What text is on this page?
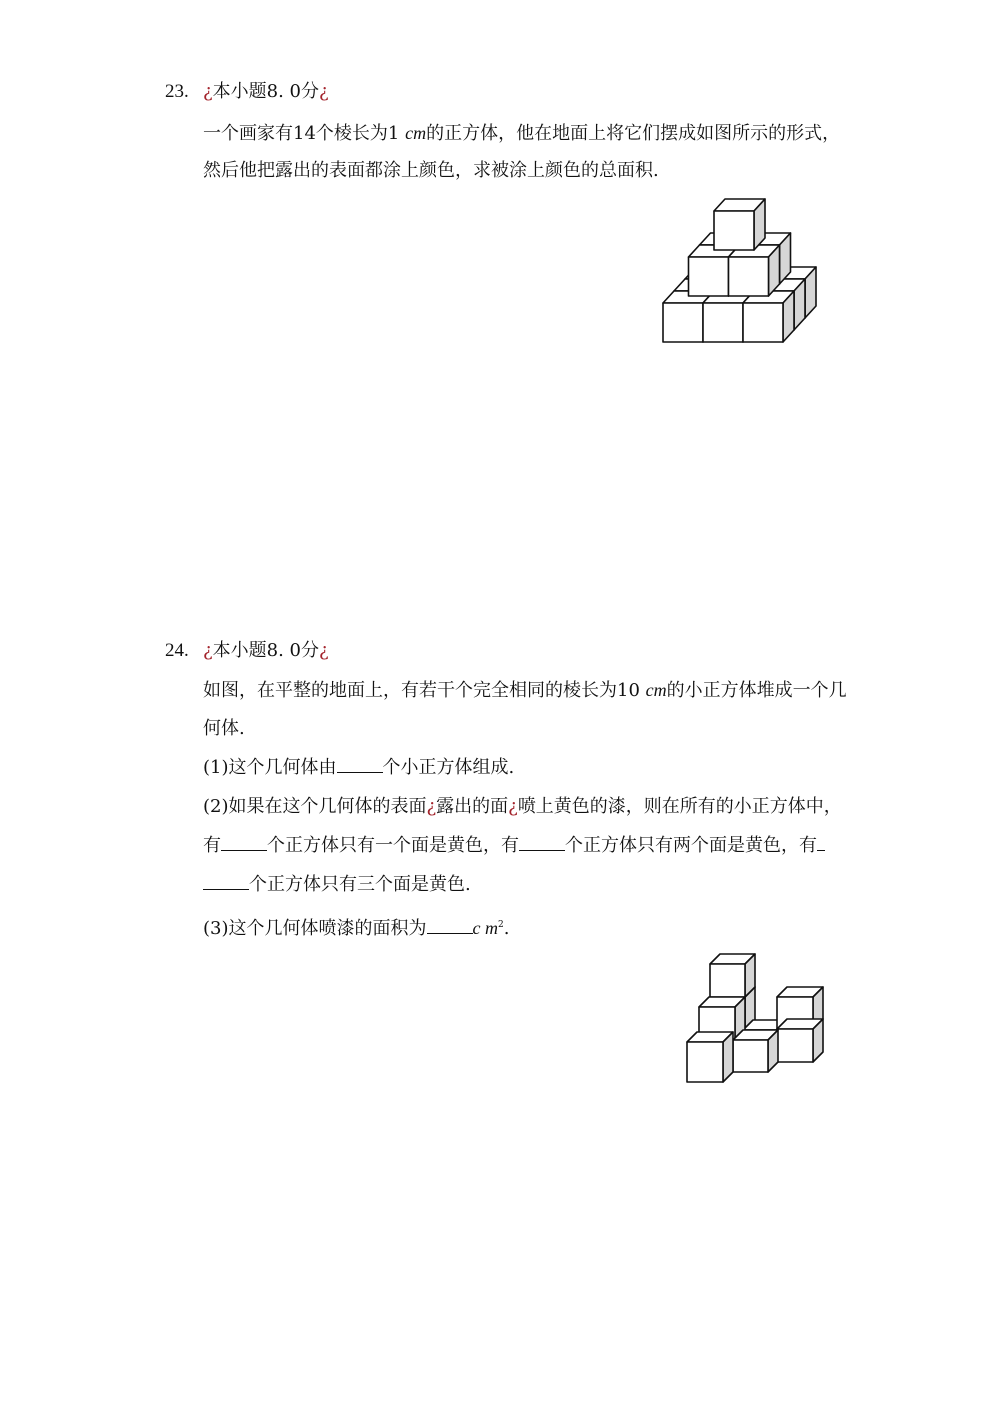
23. ¿本小题8. 0分¿
一个画家有14个棱长为1 cm的正方体，他在地面上将它们摆成如图所示的形式，
然后他把露出的表面都涂上颜色，求被涂上颜色的总面积.
24. ¿本小题8. 0分¿
如图，在平整的地面上，有若干个完全相同的棱长为10 cm的小正方体堆成一个几
何体.
(1)这个几何体由	个小正方体组成.
(2)如果在这个几何体的表面¿露出的面¿喷上黄色的漆，则在所有的小正方体中，
有	个正方体只有一个面是黄色，有	个正方体只有两个面是黄色，有
个正方体只有三个面是黄色.
(3)这个几何体喷漆的面积为	c $m^2$.
